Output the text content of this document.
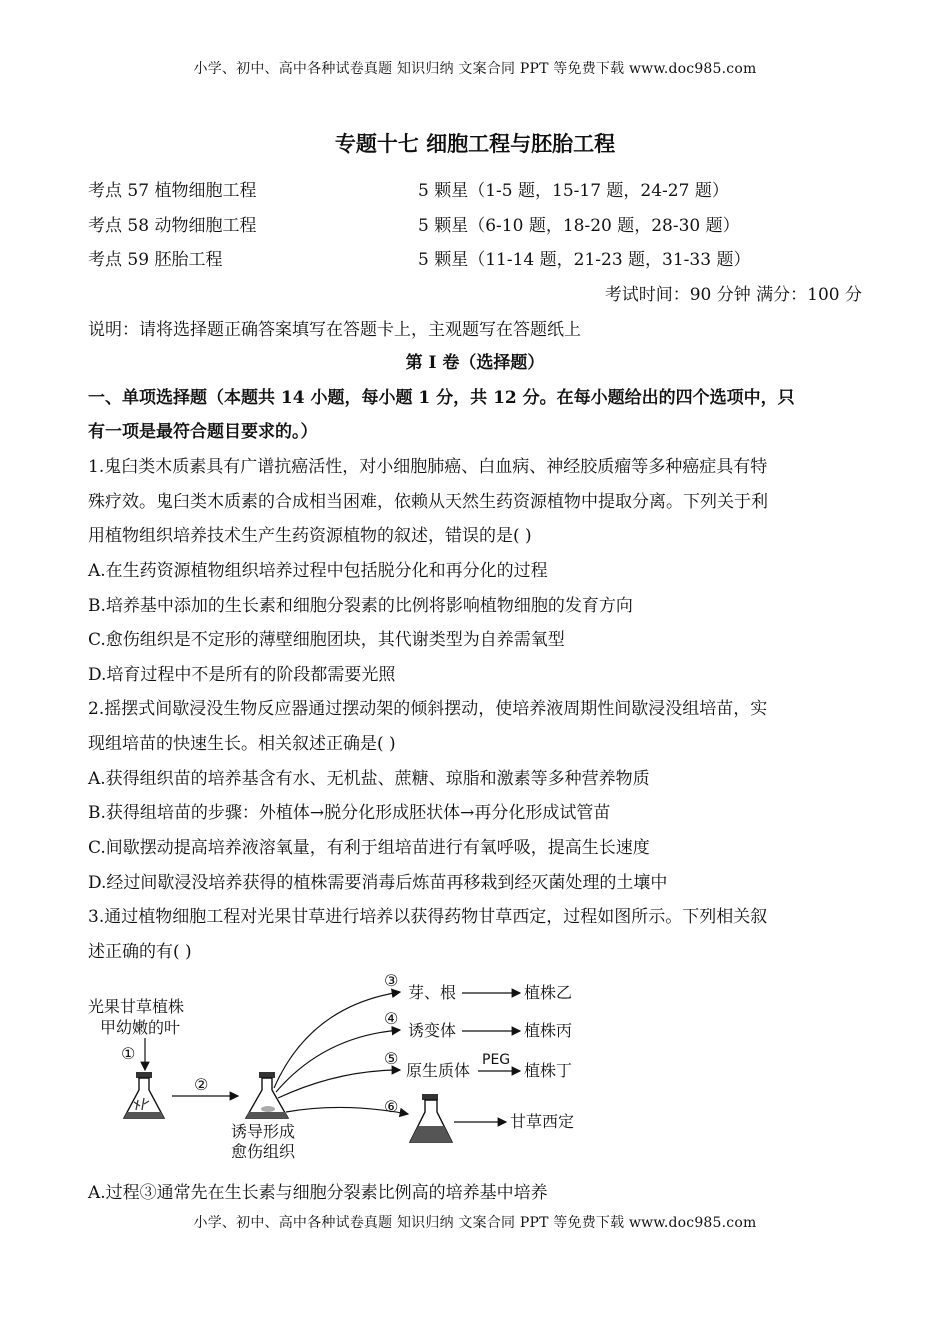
小学、初中、高中各种试卷真题 知识归纳 文案合同 PPT 等免费下载 www.doc985.com
专题十七 细胞工程与胚胎工程
考点 57 植物细胞工程	5 颗星（1-5 题，15-17 题，24-27 题）
考点 58 动物细胞工程	5 颗星（6-10 题，18-20 题，28-30 题）
考点 59 胚胎工程	5 颗星（11-14 题，21-23 题，31-33 题）
考试时间：90 分钟 满分：100 分
说明：请将选择题正确答案填写在答题卡上，主观题写在答题纸上
第 I 卷（选择题）
一、单项选择题（本题共 14 小题，每小题 1 分，共 12 分。在每小题给出的四个选项中，只
有一项是最符合题目要求的。）
1.鬼臼类木质素具有广谱抗癌活性，对小细胞肺癌、白血病、神经胶质瘤等多种癌症具有特
殊疗效。鬼臼类木质素的合成相当困难，依赖从天然生药资源植物中提取分离。下列关于利
用植物组织培养技术生产生药资源植物的叙述，错误的是( )
A.在生药资源植物组织培养过程中包括脱分化和再分化的过程
B.培养基中添加的生长素和细胞分裂素的比例将影响植物细胞的发育方向
C.愈伤组织是不定形的薄壁细胞团块，其代谢类型为自养需氧型
D.培育过程中不是所有的阶段都需要光照
2.摇摆式间歇浸没生物反应器通过摆动架的倾斜摆动，使培养液周期性间歇浸没组培苗，实
现组培苗的快速生长。相关叙述正确是( )
A.获得组织苗的培养基含有水、无机盐、蔗糖、琼脂和激素等多种营养物质
B.获得组培苗的步骤：外植体→脱分化形成胚状体→再分化形成试管苗
C.间歇摆动提高培养液溶氧量，有利于组培苗进行有氧呼吸，提高生长速度
D.经过间歇浸没培养获得的植株需要消毒后炼苗再移栽到经灭菌处理的土壤中
3.通过植物细胞工程对光果甘草进行培养以获得药物甘草西定，过程如图所示。下列相关叙
述正确的有( )
光果甘草植株
甲幼嫩的叶
①
②
诱导形成
愈伤组织
③
芽、根	植株乙
④
诱变体	植株丙
⑤
原生质体
PEG
植株丁
⑥
甘草西定
A.过程③通常先在生长素与细胞分裂素比例高的培养基中培养
小学、初中、高中各种试卷真题 知识归纳 文案合同 PPT 等免费下载 www.doc985.com
